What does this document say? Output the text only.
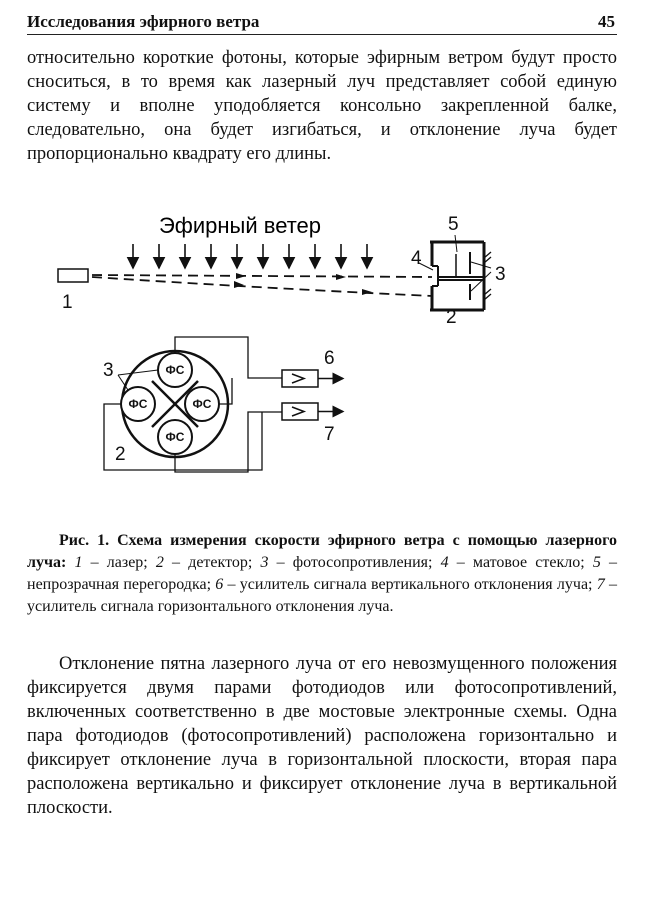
Исследования эфирного ветра	45

относительно короткие фотоны, которые эфирным ветром будут просто сноситься, в то время как лазерный луч представляет собой единую систему и вполне уподобляется консольно закрепленной балке, следовательно, она будет изгибаться, и отклонение луча будет пропорционально квадрату его длины.

Эфирный ветер
1
2
3
4
5
3
2
6
7
ФС
ФС	ФС
ФС

Рис. 1. Схема измерения скорости эфирного ветра с помощью лазерного луча: 1 – лазер; 2 – детектор; 3 – фотосопротивления; 4 – матовое стекло; 5 – непрозрачная перегородка; 6 – усилитель сигнала вертикального отклонения луча; 7 – усилитель сигнала горизонтального отклонения луча.

Отклонение пятна лазерного луча от его невозмущенного положения фиксируется двумя парами фотодиодов или фотосопротивлений, включенных соответственно в две мостовые электронные схемы. Одна пара фотодиодов (фотосопротивлений) расположена горизонтально и фиксирует отклонение луча в горизонтальной плоскости, вторая пара расположена вертикально и фиксирует отклонение луча в вертикальной плоскости.
